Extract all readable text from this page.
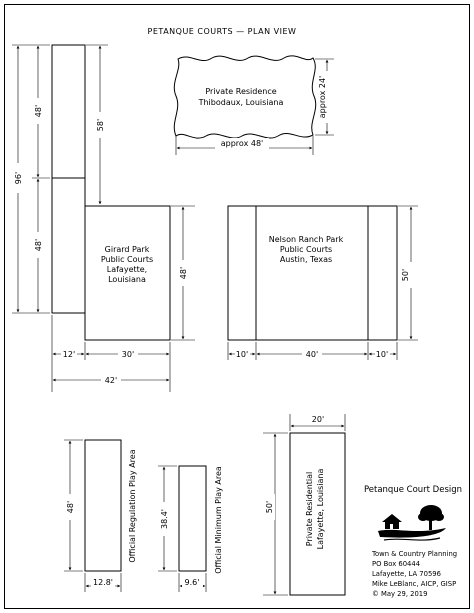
PETANQUE COURTS — PLAN VIEW
Girard Park
Public Courts
Lafayette,
Louisiana
96'
48'
48'
58'
48'
12'	30'
42'
Private Residence
Thibodaux, Louisiana
approx 48'
approx 24'
Nelson Ranch Park
Public Courts
Austin, Texas
10'	40'	10'
50'
Official Regulation Play Area
48'
12.8'
Official Minimum Play Area
38.4'
9.6'
Private Residential Lafayette, Louisiana
20'
50'
Petanque Court Design
Town & Country Planning
PO Box 60444
Lafayette, LA 70596
Mike LeBlanc, AICP, GISP
© May 29, 2019
